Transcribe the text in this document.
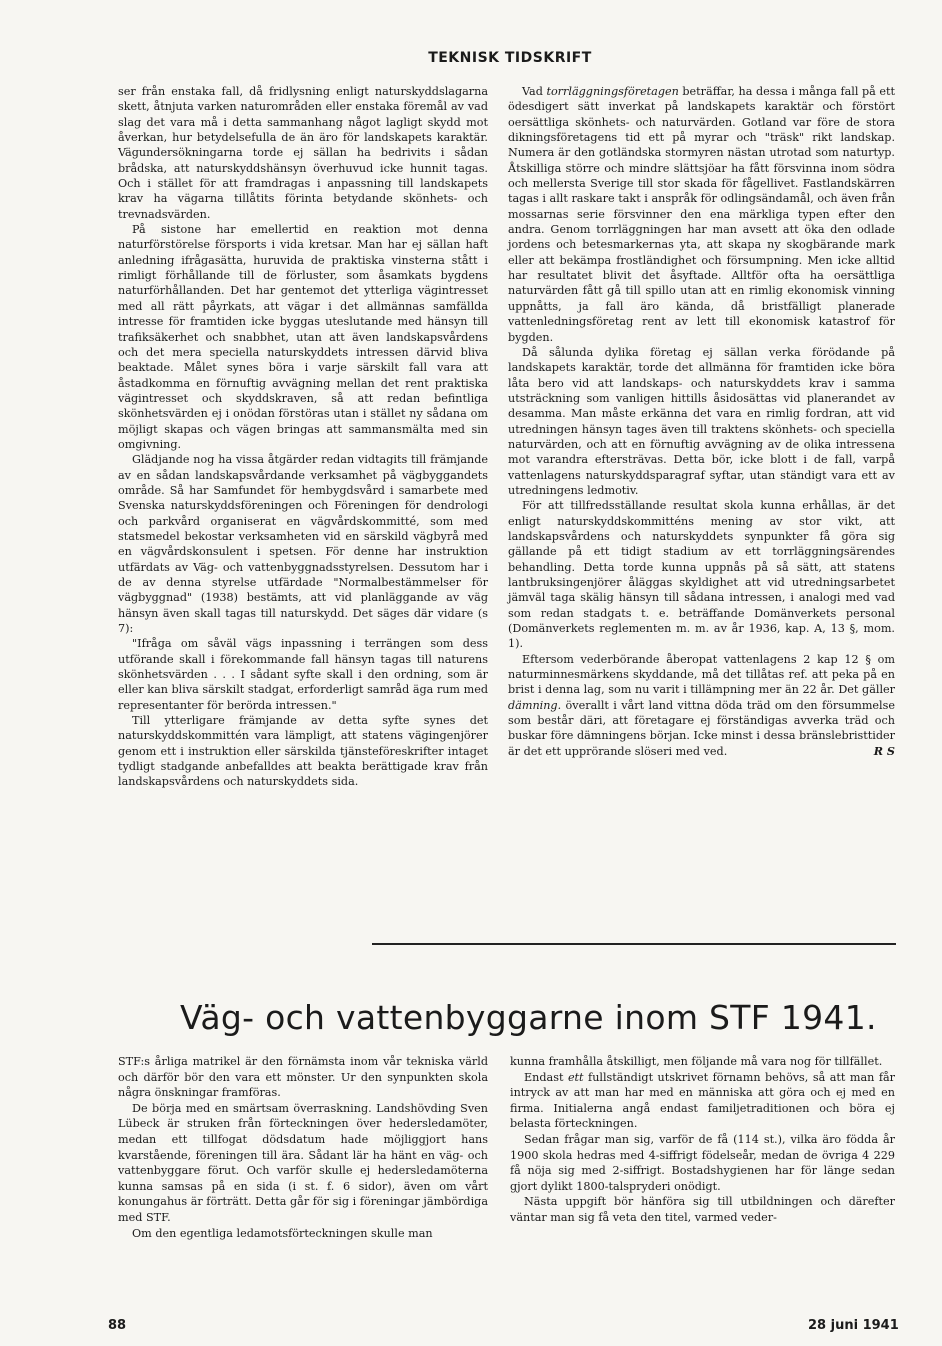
TEKNISK TIDSKRIFT

ser från enstaka fall, då fridlysning enligt naturskyddslagarna skett, åtnjuta varken naturområden eller enstaka föremål av vad slag det vara må i detta sammanhang något lagligt skydd mot åverkan, hur betydelsefulla de än äro för landskapets karaktär. Vägundersökningarna torde ej sällan ha bedrivits i sådan brådska, att naturskyddshänsyn överhuvud icke hunnit tagas. Och i stället för att framdragas i anpassning till landskapets krav ha vägarna tillåtits förinta betydande skönhets- och trevnadsvärden.

På sistone har emellertid en reaktion mot denna naturförstörelse försports i vida kretsar. Man har ej sällan haft anledning ifrågasätta, huruvida de praktiska vinsterna stått i rimligt förhållande till de förluster, som åsamkats bygdens naturförhållanden. Det har gentemot det ytterliga vägintresset med all rätt påyrkats, att vägar i det allmännas samfällda intresse för framtiden icke byggas uteslutande med hänsyn till trafiksäkerhet och snabbhet, utan att även landskapsvårdens och det mera speciella naturskyddets intressen därvid bliva beaktade. Målet synes böra i varje särskilt fall vara att åstadkomma en förnuftig avvägning mellan det rent praktiska vägintresset och skyddskraven, så att redan befintliga skönhetsvärden ej i onödan förstöras utan i stället ny sådana om möjligt skapas och vägen bringas att sammansmälta med sin omgivning.

Glädjande nog ha vissa åtgärder redan vidtagits till främjande av en sådan landskapsvårdande verksamhet på vägbyggandets område. Så har Samfundet för hembygdsvård i samarbete med Svenska naturskyddsföreningen och Föreningen för dendrologi och parkvård organiserat en vägvårdskommitté, som med statsmedel bekostar verksamheten vid en särskild vägbyrå med en vägvårdskonsulent i spetsen. För denne har instruktion utfärdats av Väg- och vattenbyggnadsstyrelsen. Dessutom har i de av denna styrelse utfärdade "Normalbestämmelser för vägbyggnad" (1938) bestämts, att vid planläggande av väg hänsyn även skall tagas till naturskydd. Det säges där vidare (s 7):

"Ifråga om såväl vägs inpassning i terrängen som dess utförande skall i förekommande fall hänsyn tagas till naturens skönhetsvärden . . . I sådant syfte skall i den ordning, som är eller kan bliva särskilt stadgat, erforderligt samråd äga rum med representanter för berörda intressen."

Till ytterligare främjande av detta syfte synes det naturskyddskommittén vara lämpligt, att statens vägingenjörer genom ett i instruktion eller särskilda tjänsteföreskrifter intaget tydligt stadgande anbefalldes att beakta berättigade krav från landskapsvårdens och naturskyddets sida.

Vad torrläggningsföretagen beträffar, ha dessa i många fall på ett ödesdigert sätt inverkat på landskapets karaktär och förstört oersättliga skönhets- och naturvärden. Gotland var före de stora dikningsföretagens tid ett på myrar och "träsk" rikt landskap. Numera är den gotländska stormyren nästan utrotad som naturtyp. Åtskilliga större och mindre slättsjöar ha fått försvinna inom södra och mellersta Sverige till stor skada för fågellivet. Fastlandskärren tagas i allt raskare takt i anspråk för odlingsändamål, och även från mossarnas serie försvinner den ena märkliga typen efter den andra. Genom torrläggningen har man avsett att öka den odlade jordens och betesmarkernas yta, att skapa ny skogbärande mark eller att bekämpa frostländighet och försumpning. Men icke alltid har resultatet blivit det åsyftade. Alltför ofta ha oersättliga naturvärden fått gå till spillo utan att en rimlig ekonomisk vinning uppnåtts, ja fall äro kända, då bristfälligt planerade vattenledningsföretag rent av lett till ekonomisk katastrof för bygden.

Då sålunda dylika företag ej sällan verka förödande på landskapets karaktär, torde det allmänna för framtiden icke böra låta bero vid att landskaps- och naturskyddets krav i samma utsträckning som vanligen hittills åsidosättas vid planerandet av desamma. Man måste erkänna det vara en rimlig fordran, att vid utredningen hänsyn tages även till traktens skönhets- och speciella naturvärden, och att en förnuftig avvägning av de olika intressena mot varandra eftersträvas. Detta bör, icke blott i de fall, varpå vattenlagens naturskyddsparagraf syftar, utan ständigt vara ett av utredningens ledmotiv.

För att tillfredsställande resultat skola kunna erhållas, är det enligt naturskyddskommitténs mening av stor vikt, att landskapsvårdens och naturskyddets synpunkter få göra sig gällande på ett tidigt stadium av ett torrläggningsärendes behandling. Detta torde kunna uppnås på så sätt, att statens lantbruksingenjörer åläggas skyldighet att vid utredningsarbetet jämväl taga skälig hänsyn till sådana intressen, i analogi med vad som redan stadgats t. e. beträffande Domänverkets personal (Domänverkets reglementen m. m. av år 1936, kap. A, 13 §, mom. 1).

Eftersom vederbörande åberopat vattenlagens 2 kap 12 § om naturminnesmärkens skyddande, må det tillåtas ref. att peka på en brist i denna lag, som nu varit i tillämpning mer än 22 år. Det gäller dämning. överallt i vårt land vittna döda träd om den försummelse som består däri, att företagare ej förständigas avverka träd och buskar före dämningens början. Icke minst i dessa bränslebristtider är det ett upprörande slöseri med ved.	R S
Väg- och vattenbyggarne inom STF 1941.

STF:s årliga matrikel är den förnämsta inom vår tekniska värld och därför bör den vara ett mönster. Ur den synpunkten skola några önskningar framföras.

De börja med en smärtsam överraskning. Landshövding Sven Lübeck är struken från förteckningen över hedersledamöter, medan ett tillfogat dödsdatum hade möjliggjort hans kvarstående, föreningen till ära. Sådant lär ha hänt en väg- och vattenbyggare förut. Och varför skulle ej hedersledamöterna kunna samsas på en sida (i st. f. 6 sidor), även om vårt konungahus är förträtt. Detta går för sig i föreningar jämbördiga med STF.

Om den egentliga ledamotsförteckningen skulle man

kunna framhålla åtskilligt, men följande må vara nog för tillfället.

Endast ett fullständigt utskrivet förnamn behövs, så att man får intryck av att man har med en människa att göra och ej med en firma. Initialerna angå endast familjetraditionen och böra ej belasta förteckningen.

Sedan frågar man sig, varför de få (114 st.), vilka äro födda år 1900 skola hedras med 4-siffrigt födelseår, medan de övriga 4 229 få nöja sig med 2-siffrigt. Bostadshygienen har för länge sedan gjort dylikt 1800-talspryderi onödigt.

Nästa uppgift bör hänföra sig till utbildningen och därefter väntar man sig få veta den titel, varmed veder-

88	28 juni 1941
